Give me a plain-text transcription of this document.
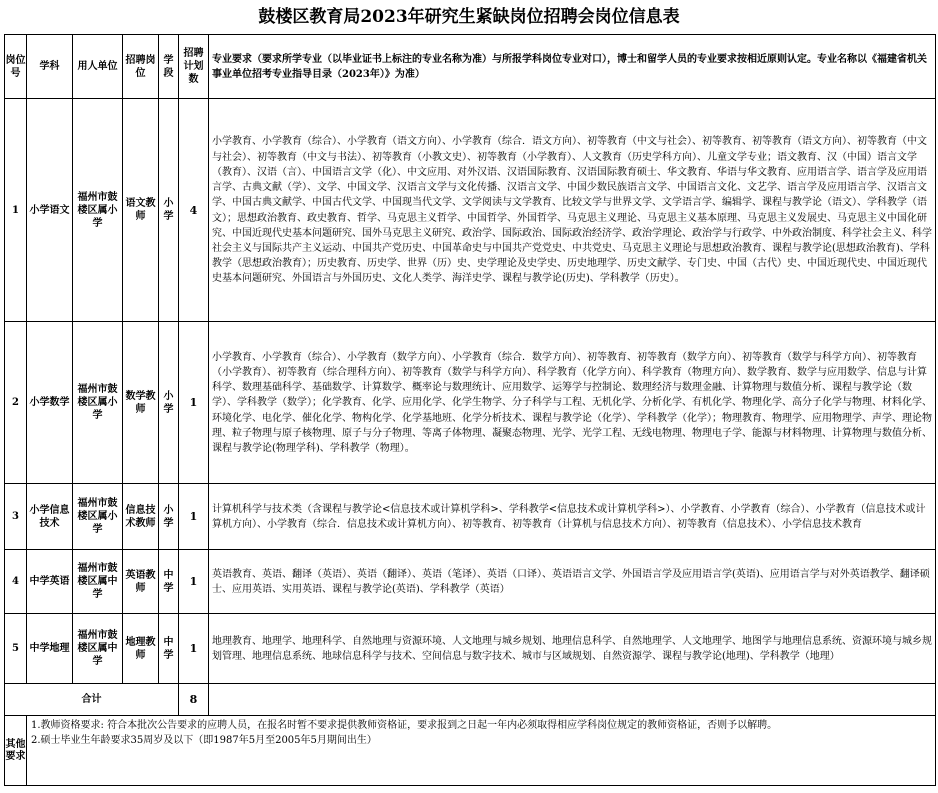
鼓楼区教育局2023年研究生紧缺岗位招聘会岗位信息表
岗位号	学科	用人单位	招聘岗位	学段	招聘计划数	专业要求（要求所学专业（以毕业证书上标注的专业名称为准）与所报学科岗位专业对口），博士和留学人员的专业要求按相近原则认定。专业名称以《福建省机关事业单位招考专业指导目录（2023年）》为准）
1	小学语文	福州市鼓楼区属小学	语文教师	小学	4	小学教育、小学教育（综合）、小学教育（语文方向）、小学教育（综合．语文方向）、初等教育（中文与社会）、初等教育、初等教育（语文方向）、初等教育（中文与社会）、初等教育（中文与书法）、初等教育（小教文史）、初等教育（小学教育）、人文教育（历史学科方向）、儿童文学专业；语文教育、汉（中国）语言文学（教育）、汉语（言）、中国语言文学（化）、中文应用、对外汉语、汉语国际教育、汉语国际教育硕士、华文教育、华语与华文教育、应用语言学、语言学及应用语言学、古典文献（学）、文学、中国文学、汉语言文学与文化传播、汉语言文学、中国少数民族语言文学、中国语言文化、文艺学、语言学及应用语言学、汉语言文学、中国古典文献学、中国古代文学、中国现当代文学、文学阅读与文学教育、比较文学与世界文学、文学语言学、编辑学、课程与教学论（语文）、学科教学（语文）；思想政治教育、政史教育、哲学、马克思主义哲学、中国哲学、外国哲学、马克思主义理论、马克思主义基本原理、马克思主义发展史、马克思主义中国化研究、中国近现代史基本问题研究、国外马克思主义研究、政治学、国际政治、国际政治经济学、政治学理论、政治学与行政学、中外政治制度、科学社会主义、科学社会主义与国际共产主义运动、中国共产党历史、中国革命史与中国共产党党史、中共党史、马克思主义理论与思想政治教育、课程与教学论(思想政治教育)、学科教学（思想政治教育）；历史教育、历史学、世界（历）史、史学理论及史学史、历史地理学、历史文献学、专门史、中国（古代）史、中国近现代史、中国近现代史基本问题研究、外国语言与外国历史、文化人类学、海洋史学、课程与教学论(历史)、学科教学（历史）。
2	小学数学	福州市鼓楼区属小学	数学教师	小学	1	小学教育、小学教育（综合）、小学教育（数学方向）、小学教育（综合．数学方向）、初等教育、初等教育（数学方向）、初等教育（数学与科学方向）、初等教育（小学教育）、初等教育（综合理科方向）、初等教育（数学与科学方向）、科学教育（化学方向）、科学教育（物理方向）、数学教育、数学与应用数学、信息与计算科学、数理基础科学、基础数学、计算数学、概率论与数理统计、应用数学、运筹学与控制论、数理经济与数理金融、计算物理与数值分析、课程与教学论（数学）、学科教学（数学）；化学教育、化学、应用化学、化学生物学、分子科学与工程、无机化学、分析化学、有机化学、物理化学、高分子化学与物理、材料化学、环境化学、电化学、催化化学、物构化学、化学基地班、化学分析技术、课程与教学论（化学）、学科教学（化学）；物理教育、物理学、应用物理学、声学、理论物理、粒子物理与原子核物理、原子与分子物理、等离子体物理、凝聚态物理、光学、光学工程、无线电物理、物理电子学、能源与材料物理、计算物理与数值分析、课程与教学论(物理学科)、学科教学（物理）。
3	小学信息技术	福州市鼓楼区属小学	信息技术教师	小学	1	计算机科学与技术类（含课程与教学论<信息技术或计算机学科>、学科教学<信息技术或计算机学科>）、小学教育、小学教育（综合）、小学教育（信息技术或计算机方向）、小学教育（综合．信息技术或计算机方向）、初等教育、初等教育（计算机与信息技术方向）、初等教育（信息技术）、小学信息技术教育
4	中学英语	福州市鼓楼区属中学	英语教师	中学	1	英语教育、英语、翻译（英语）、英语（翻译）、英语（笔译）、英语（口译）、英语语言文学、外国语言学及应用语言学(英语)、应用语言学与对外英语教学、翻译硕士、应用英语、实用英语、课程与教学论(英语)、学科教学（英语）
5	中学地理	福州市鼓楼区属中学	地理教师	中学	1	地理教育、地理学、地理科学、自然地理与资源环境、人文地理与城乡规划、地理信息科学、自然地理学、人文地理学、地图学与地理信息系统、资源环境与城乡规划管理、地理信息系统、地球信息科学与技术、空间信息与数字技术、城市与区域规划、自然资源学、课程与教学论(地理)、学科教学（地理）
合计					8	
其他要求	1.教师资格要求: 符合本批次公告要求的应聘人员，在报名时暂不要求提供教师资格证，要求报到之日起一年内必须取得相应学科岗位规定的教师资格证，否则予以解聘。
2.硕士毕业生年龄要求35周岁及以下（即1987年5月至2005年5月期间出生）					
